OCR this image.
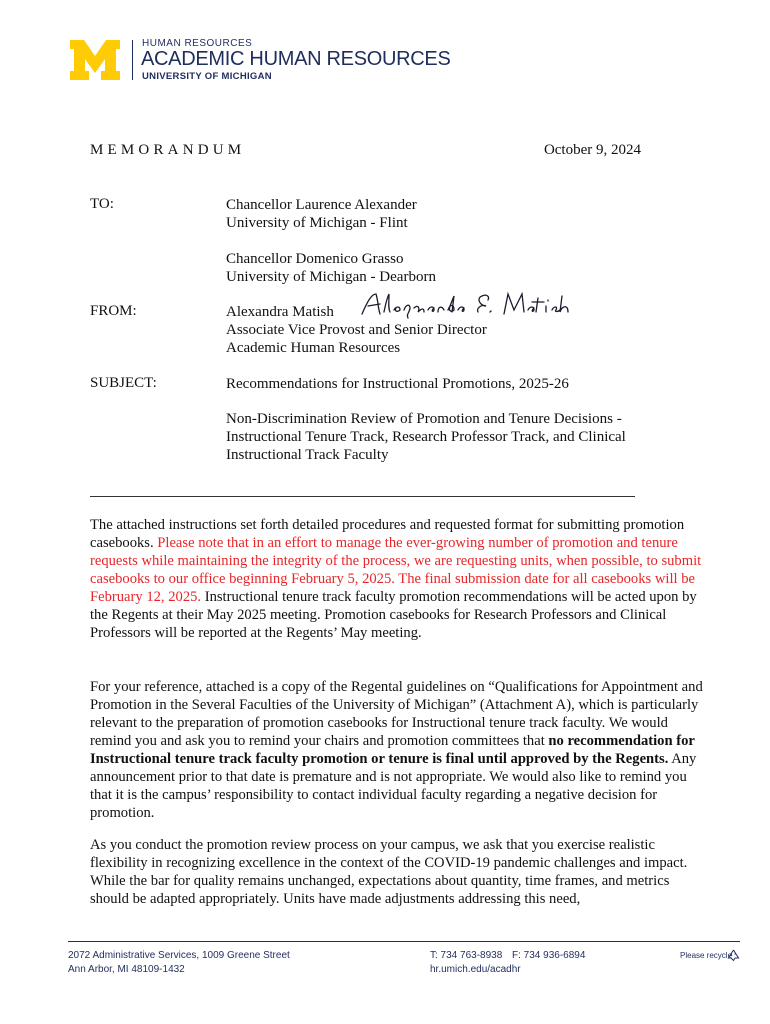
HUMAN RESOURCES
ACADEMIC HUMAN RESOURCES
UNIVERSITY OF MICHIGAN
MEMORANDUM	October 9, 2024
TO:	Chancellor Laurence Alexander
University of Michigan - Flint
Chancellor Domenico Grasso
University of Michigan - Dearborn
FROM:	Alexandra Matish
Associate Vice Provost and Senior Director
Academic Human Resources
SUBJECT:	Recommendations for Instructional Promotions, 2025-26
Non-Discrimination Review of Promotion and Tenure Decisions -
Instructional Tenure Track, Research Professor Track, and Clinical
Instructional Track Faculty

The attached instructions set forth detailed procedures and requested format for submitting promotion casebooks. Please note that in an effort to manage the ever-growing number of promotion and tenure requests while maintaining the integrity of the process, we are requesting units, when possible, to submit casebooks to our office beginning February 5, 2025. The final submission date for all casebooks will be February 12, 2025. Instructional tenure track faculty promotion recommendations will be acted upon by the Regents at their May 2025 meeting. Promotion casebooks for Research Professors and Clinical Professors will be reported at the Regents’ May meeting.

For your reference, attached is a copy of the Regental guidelines on “Qualifications for Appointment and Promotion in the Several Faculties of the University of Michigan” (Attachment A), which is particularly relevant to the preparation of promotion casebooks for Instructional tenure track faculty. We would remind you and ask you to remind your chairs and promotion committees that no recommendation for Instructional tenure track faculty promotion or tenure is final until approved by the Regents. Any announcement prior to that date is premature and is not appropriate. We would also like to remind you that it is the campus’ responsibility to contact individual faculty regarding a negative decision for promotion.

As you conduct the promotion review process on your campus, we ask that you exercise realistic flexibility in recognizing excellence in the context of the COVID-19 pandemic challenges and impact. While the bar for quality remains unchanged, expectations about quantity, time frames, and metrics should be adapted appropriately. Units have made adjustments addressing this need,

2072 Administrative Services, 1009 Greene Street
Ann Arbor, MI 48109-1432
T: 734 763-8938 F: 734 936-6894
hr.umich.edu/acadhr
Please recycle
